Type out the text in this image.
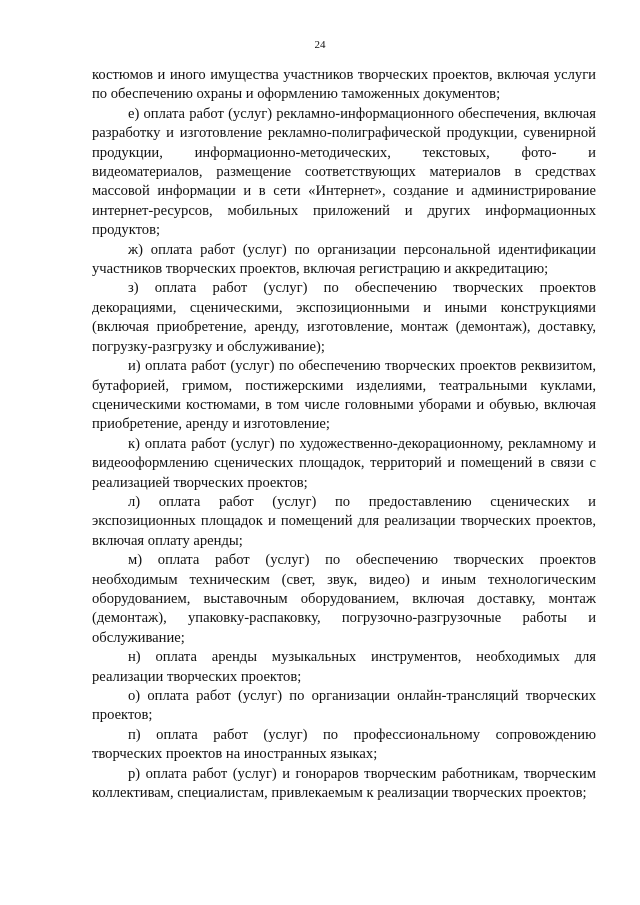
24

костюмов и иного имущества участников творческих проектов, включая услуги по обеспечению охраны и оформлению таможенных документов;

е) оплата работ (услуг) рекламно-информационного обеспечения, включая разработку и изготовление рекламно-полиграфической продукции, сувенирной продукции, информационно-методических, текстовых, фото- и видеоматериалов, размещение соответствующих материалов в средствах массовой информации и в сети «Интернет», создание и администрирование интернет-ресурсов, мобильных приложений и других информационных продуктов;

ж) оплата работ (услуг) по организации персональной идентификации участников творческих проектов, включая регистрацию и аккредитацию;

з) оплата работ (услуг) по обеспечению творческих проектов декорациями, сценическими, экспозиционными и иными конструкциями (включая приобретение, аренду, изготовление, монтаж (демонтаж), доставку, погрузку-разгрузку и обслуживание);

и) оплата работ (услуг) по обеспечению творческих проектов реквизитом, бутафорией, гримом, постижерскими изделиями, театральными куклами, сценическими костюмами, в том числе головными уборами и обувью, включая приобретение, аренду и изготовление;

к) оплата работ (услуг) по художественно-декорационному, рекламному и видеооформлению сценических площадок, территорий и помещений в связи с реализацией творческих проектов;

л) оплата работ (услуг) по предоставлению сценических и экспозиционных площадок и помещений для реализации творческих проектов, включая оплату аренды;

м) оплата работ (услуг) по обеспечению творческих проектов необходимым техническим (свет, звук, видео) и иным технологическим оборудованием, выставочным оборудованием, включая доставку, монтаж (демонтаж), упаковку-распаковку, погрузочно-разгрузочные работы и обслуживание;

н) оплата аренды музыкальных инструментов, необходимых для реализации творческих проектов;

о) оплата работ (услуг) по организации онлайн-трансляций творческих проектов;

п) оплата работ (услуг) по профессиональному сопровождению творческих проектов на иностранных языках;

р) оплата работ (услуг) и гонораров творческим работникам, творческим коллективам, специалистам, привлекаемым к реализации творческих проектов;
